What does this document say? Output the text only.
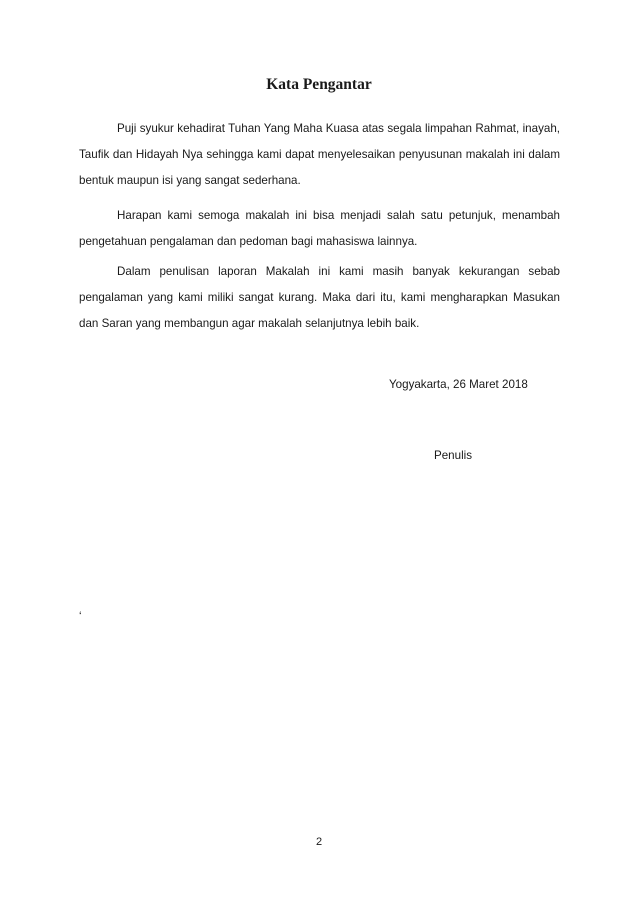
Kata Pengantar

Puji syukur kehadirat Tuhan Yang Maha Kuasa atas segala limpahan Rahmat, inayah,

Taufik dan Hidayah Nya sehingga kami dapat menyelesaikan penyusunan makalah ini dalam

bentuk maupun isi yang sangat sederhana.

Harapan kami semoga makalah ini bisa menjadi salah satu petunjuk, menambah

pengetahuan pengalaman dan pedoman bagi mahasiswa lainnya.

Dalam penulisan laporan Makalah ini kami masih banyak kekurangan sebab

pengalaman yang kami miliki sangat kurang. Maka dari itu, kami mengharapkan Masukan

dan Saran yang membangun agar makalah selanjutnya lebih baik.

Yogyakarta, 26 Maret 2018
Penulis
‘
2
